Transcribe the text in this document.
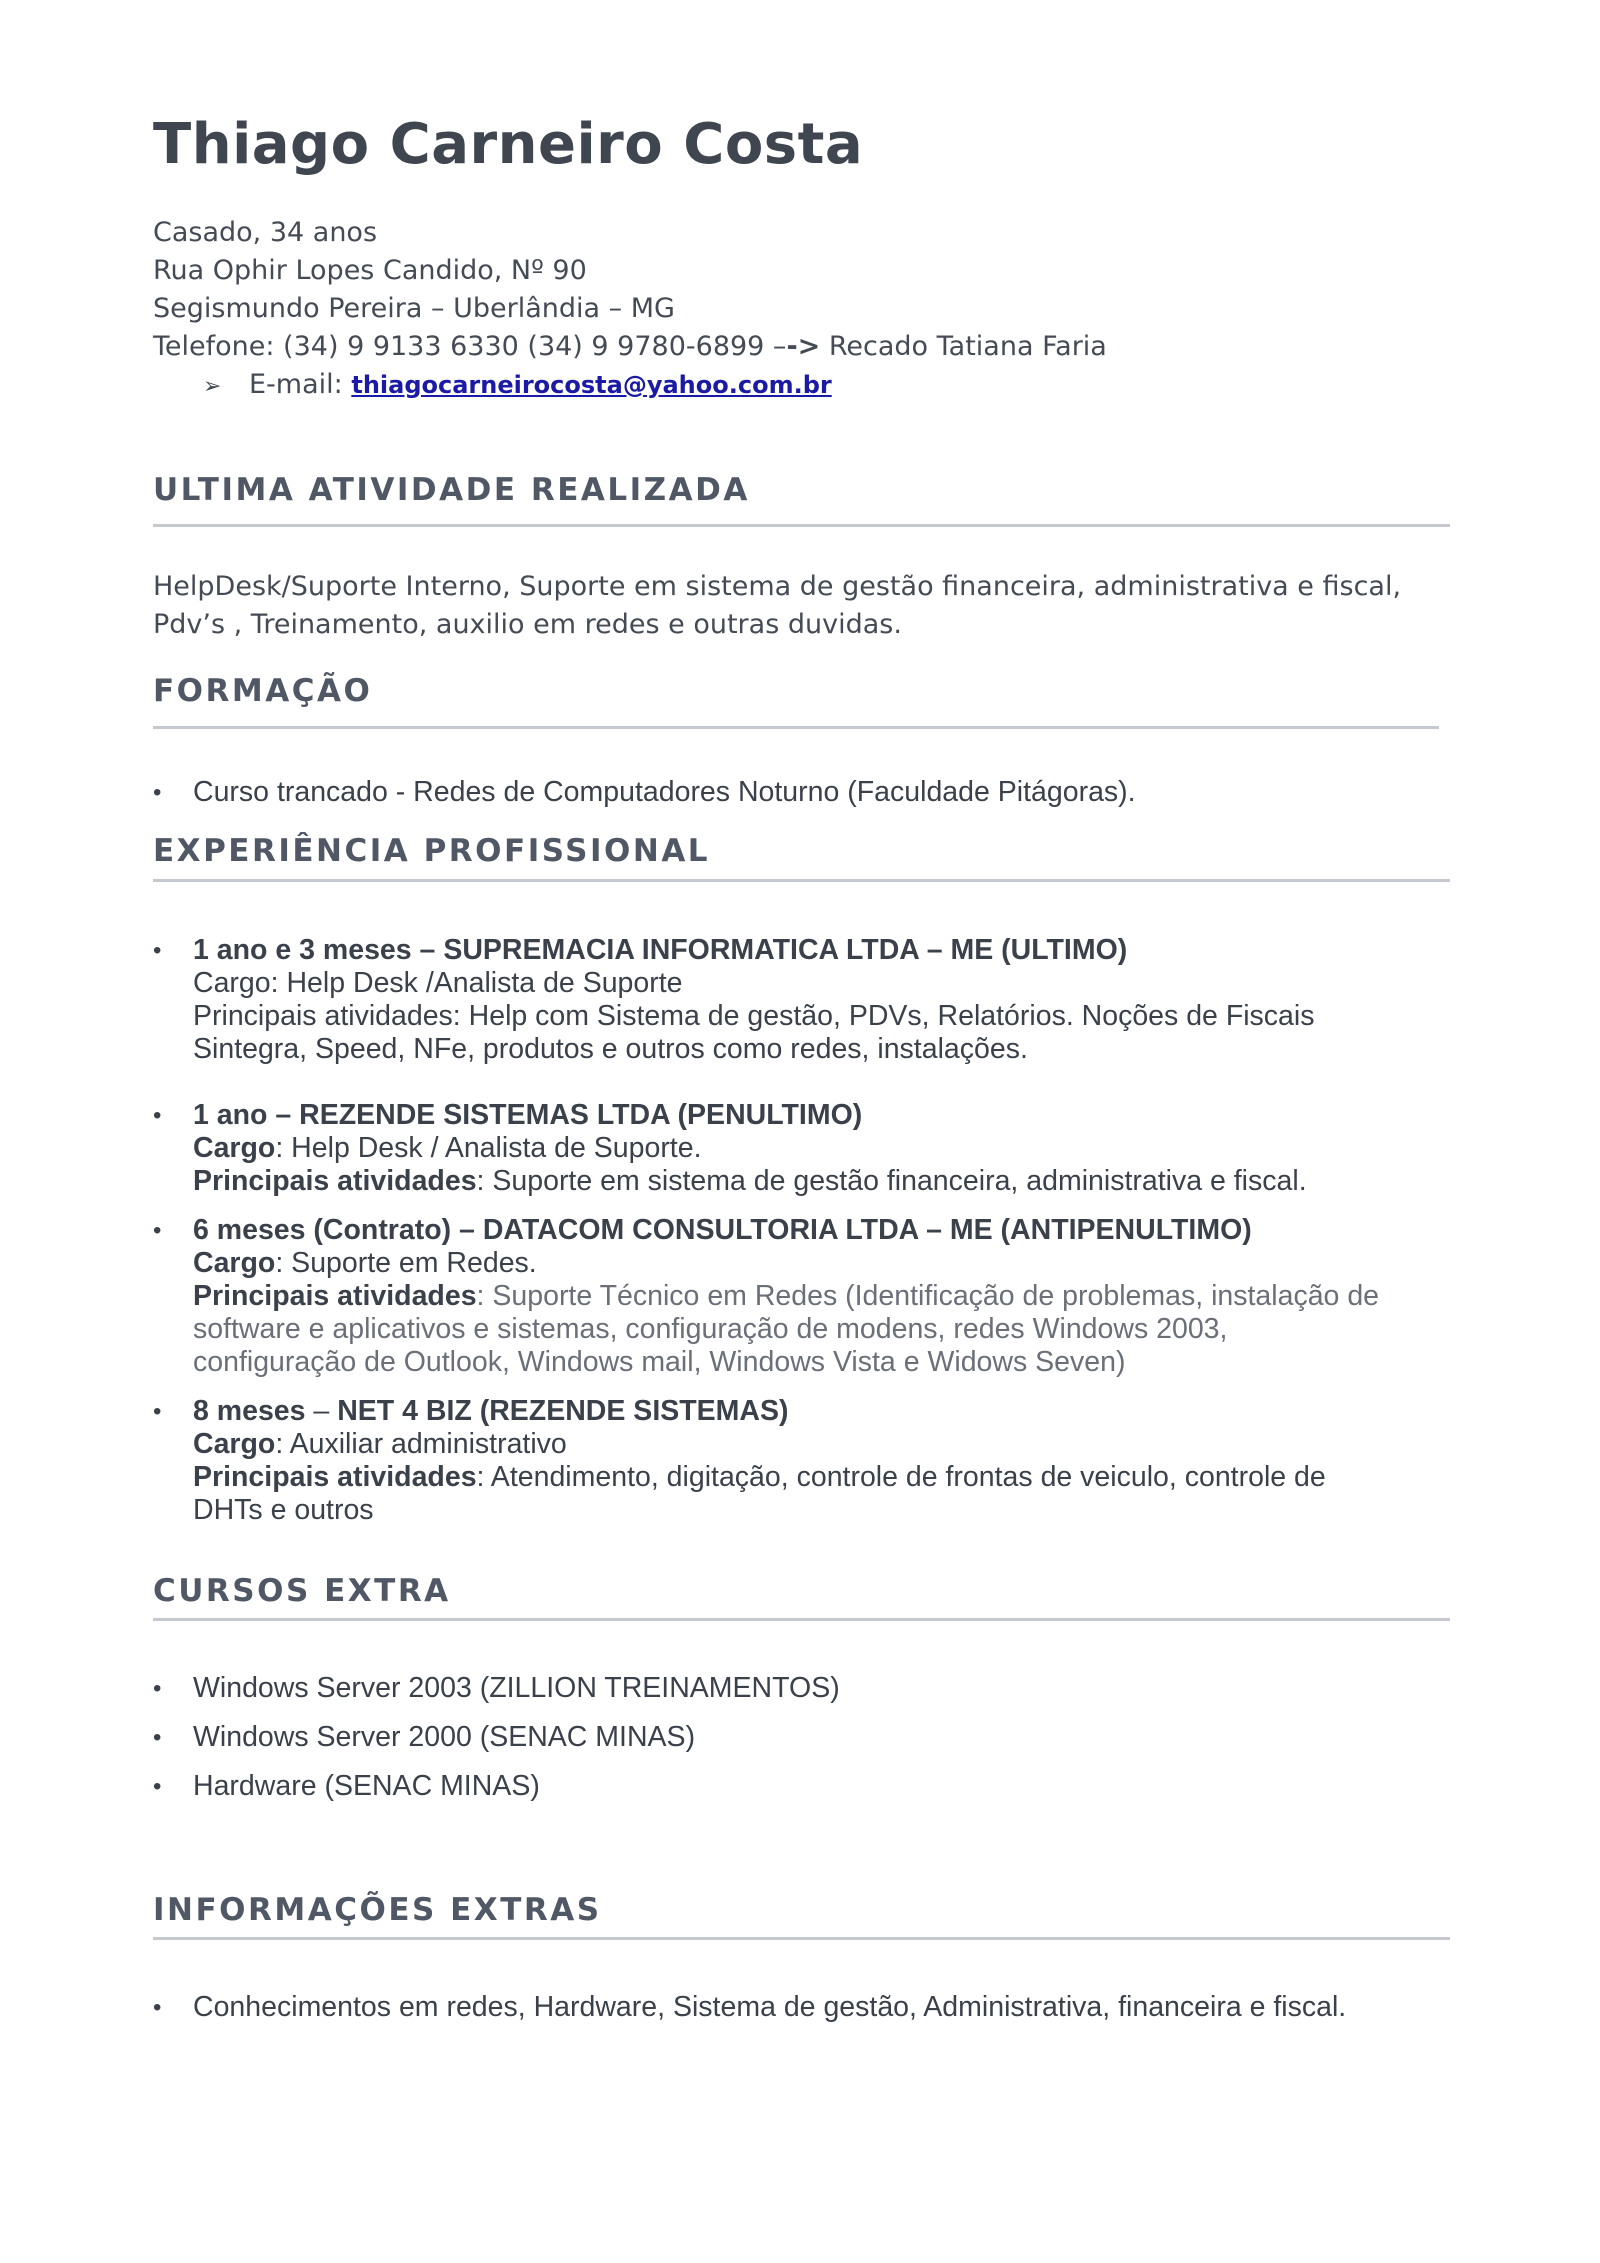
Thiago Carneiro Costa
Casado, 34 anos
Rua Ophir Lopes Candido, Nº 90
Segismundo Pereira – Uberlândia – MG
Telefone: (34) 9 9133 6330 (34) 9 9780-6899 –-> Recado Tatiana Faria
➢ E-mail: thiagocarneirocosta@yahoo.com.br
ULTIMA ATIVIDADE REALIZADA
HelpDesk/Suporte Interno, Suporte em sistema de gestão financeira, administrativa e fiscal,
Pdv’s , Treinamento, auxilio em redes e outras duvidas.
FORMAÇÃO
• Curso trancado - Redes de Computadores Noturno (Faculdade Pitágoras).
EXPERIÊNCIA PROFISSIONAL
• 1 ano e 3 meses – SUPREMACIA INFORMATICA LTDA – ME (ULTIMO)
Cargo: Help Desk /Analista de Suporte
Principais atividades: Help com Sistema de gestão, PDVs, Relatórios. Noções de Fiscais
Sintegra, Speed, NFe, produtos e outros como redes, instalações.
• 1 ano – REZENDE SISTEMAS LTDA (PENULTIMO)
Cargo: Help Desk / Analista de Suporte.
Principais atividades: Suporte em sistema de gestão financeira, administrativa e fiscal.
• 6 meses (Contrato) – DATACOM CONSULTORIA LTDA – ME (ANTIPENULTIMO)
Cargo: Suporte em Redes.
Principais atividades: Suporte Técnico em Redes (Identificação de problemas, instalação de
software e aplicativos e sistemas, configuração de modens, redes Windows 2003,
configuração de Outlook, Windows mail, Windows Vista e Widows Seven)
• 8 meses – NET 4 BIZ (REZENDE SISTEMAS)
Cargo: Auxiliar administrativo
Principais atividades: Atendimento, digitação, controle de frontas de veiculo, controle de
DHTs e outros
CURSOS EXTRA
• Windows Server 2003 (ZILLION TREINAMENTOS)
• Windows Server 2000 (SENAC MINAS)
• Hardware (SENAC MINAS)
INFORMAÇÕES EXTRAS
• Conhecimentos em redes, Hardware, Sistema de gestão, Administrativa, financeira e fiscal.
